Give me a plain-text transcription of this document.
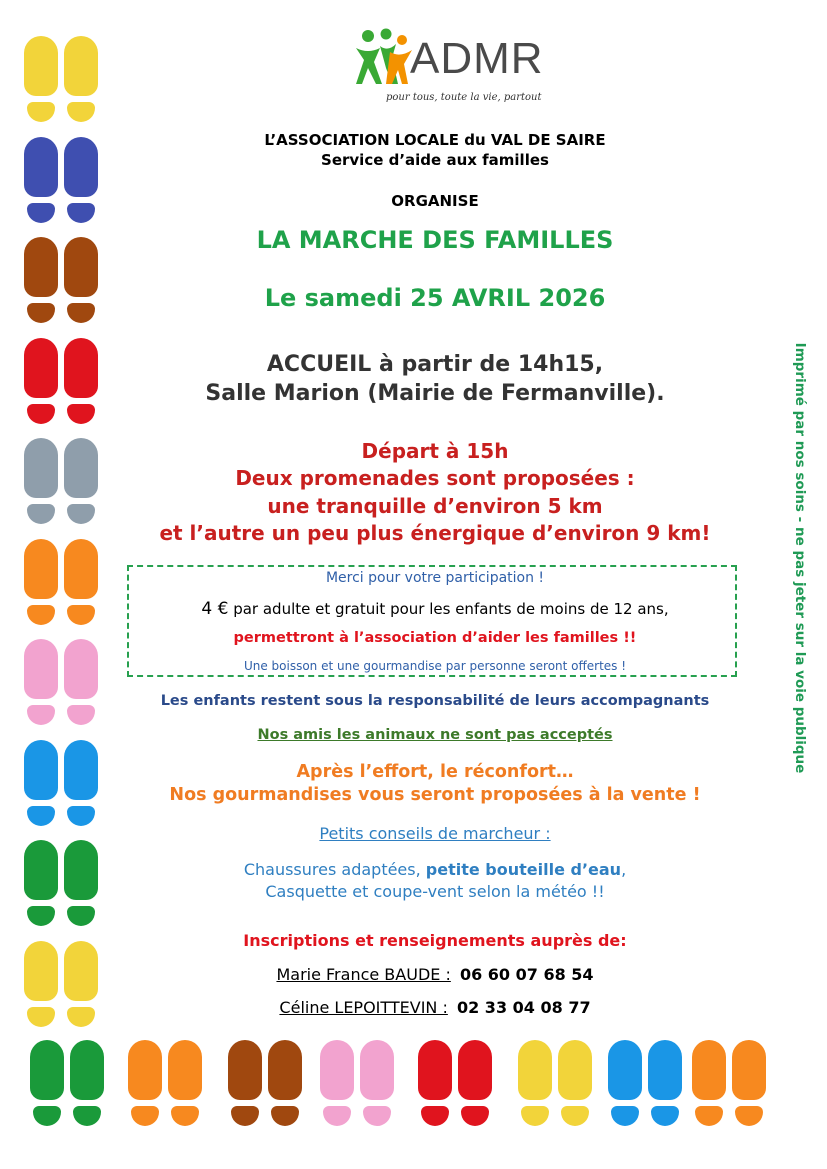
ADMR
pour tous, toute la vie, partout
L’ASSOCIATION LOCALE du VAL DE SAIRE
Service d’aide aux familles
ORGANISE
LA MARCHE DES FAMILLES
Le samedi 25 AVRIL 2026
ACCUEIL à partir de 14h15,
Salle Marion (Mairie de Fermanville).
Départ à 15h
Deux promenades sont proposées :
une tranquille d’environ 5 km
et l’autre un peu plus énergique d’environ 9 km!
Merci pour votre participation !
4 € par adulte et gratuit pour les enfants de moins de 12 ans,
permettront à l’association d’aider les familles !!
Une boisson et une gourmandise par personne seront offertes !
Les enfants restent sous la responsabilité de leurs accompagnants
Nos amis les animaux ne sont pas acceptés
Après l’effort, le réconfort…
Nos gourmandises vous seront proposées à la vente !
Petits conseils de marcheur :
Chaussures adaptées, petite bouteille d’eau,
Casquette et coupe-vent selon la météo !!
Inscriptions et renseignements auprès de:
Marie France BAUDE : 06 60 07 68 54
Céline LEPOITTEVIN : 02 33 04 08 77
Imprimé par nos soins - ne pas jeter sur la voie publique
